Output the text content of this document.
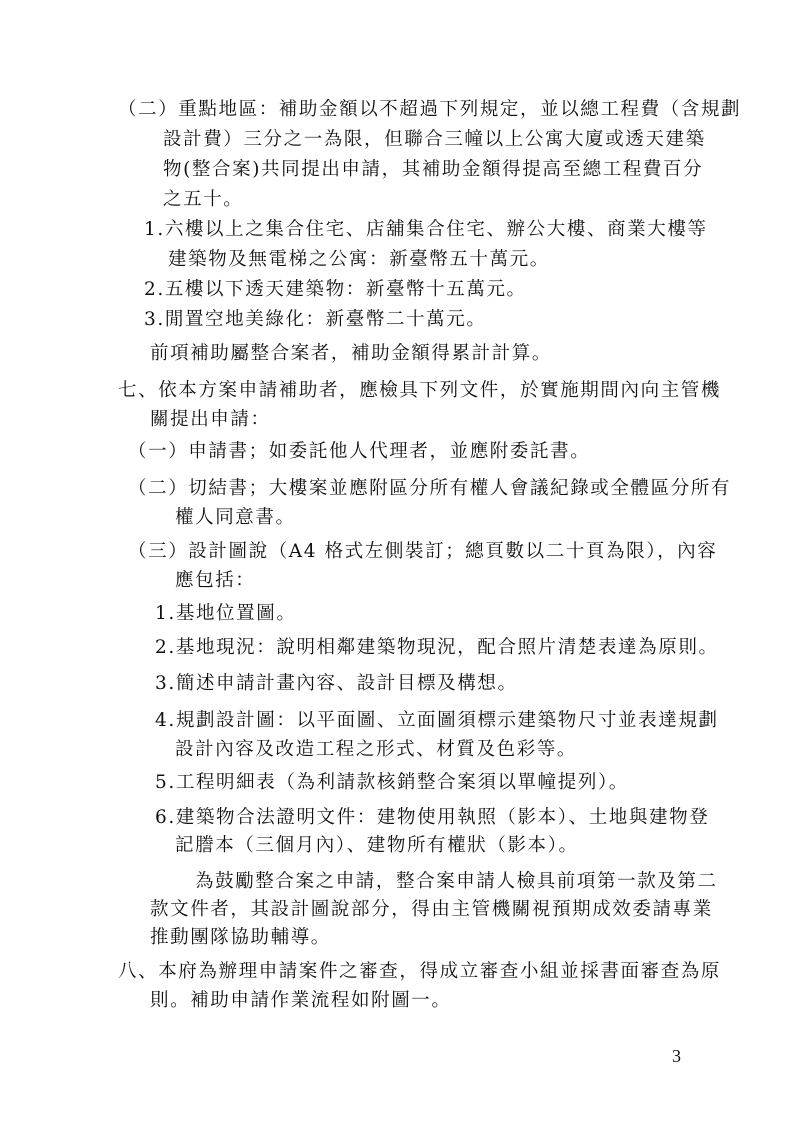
（二）重點地區：補助金額以不超過下列規定，並以總工程費（含規劃
設計費）三分之一為限，但聯合三幢以上公寓大廈或透天建築
物(整合案)共同提出申請，其補助金額得提高至總工程費百分
之五十。
1.六樓以上之集合住宅、店舖集合住宅、辦公大樓、商業大樓等
建築物及無電梯之公寓：新臺幣五十萬元。
2.五樓以下透天建築物：新臺幣十五萬元。
3.閒置空地美綠化：新臺幣二十萬元。
前項補助屬整合案者，補助金額得累計計算。
七、依本方案申請補助者，應檢具下列文件，於實施期間內向主管機
關提出申請：
（一）申請書；如委託他人代理者，並應附委託書。
（二）切結書；大樓案並應附區分所有權人會議紀錄或全體區分所有
權人同意書。
（三）設計圖說（A4 格式左側裝訂；總頁數以二十頁為限），內容
應包括：
1.基地位置圖。
2.基地現況：說明相鄰建築物現況，配合照片清楚表達為原則。
3.簡述申請計畫內容、設計目標及構想。
4.規劃設計圖：以平面圖、立面圖須標示建築物尺寸並表達規劃
設計內容及改造工程之形式、材質及色彩等。
5.工程明細表（為利請款核銷整合案須以單幢提列）。
6.建築物合法證明文件：建物使用執照（影本）、土地與建物登
記謄本（三個月內）、建物所有權狀（影本）。
為鼓勵整合案之申請，整合案申請人檢具前項第一款及第二
款文件者，其設計圖說部分，得由主管機關視預期成效委請專業
推動團隊協助輔導。
八、本府為辦理申請案件之審查，得成立審查小組並採書面審查為原
則。補助申請作業流程如附圖一。
3
